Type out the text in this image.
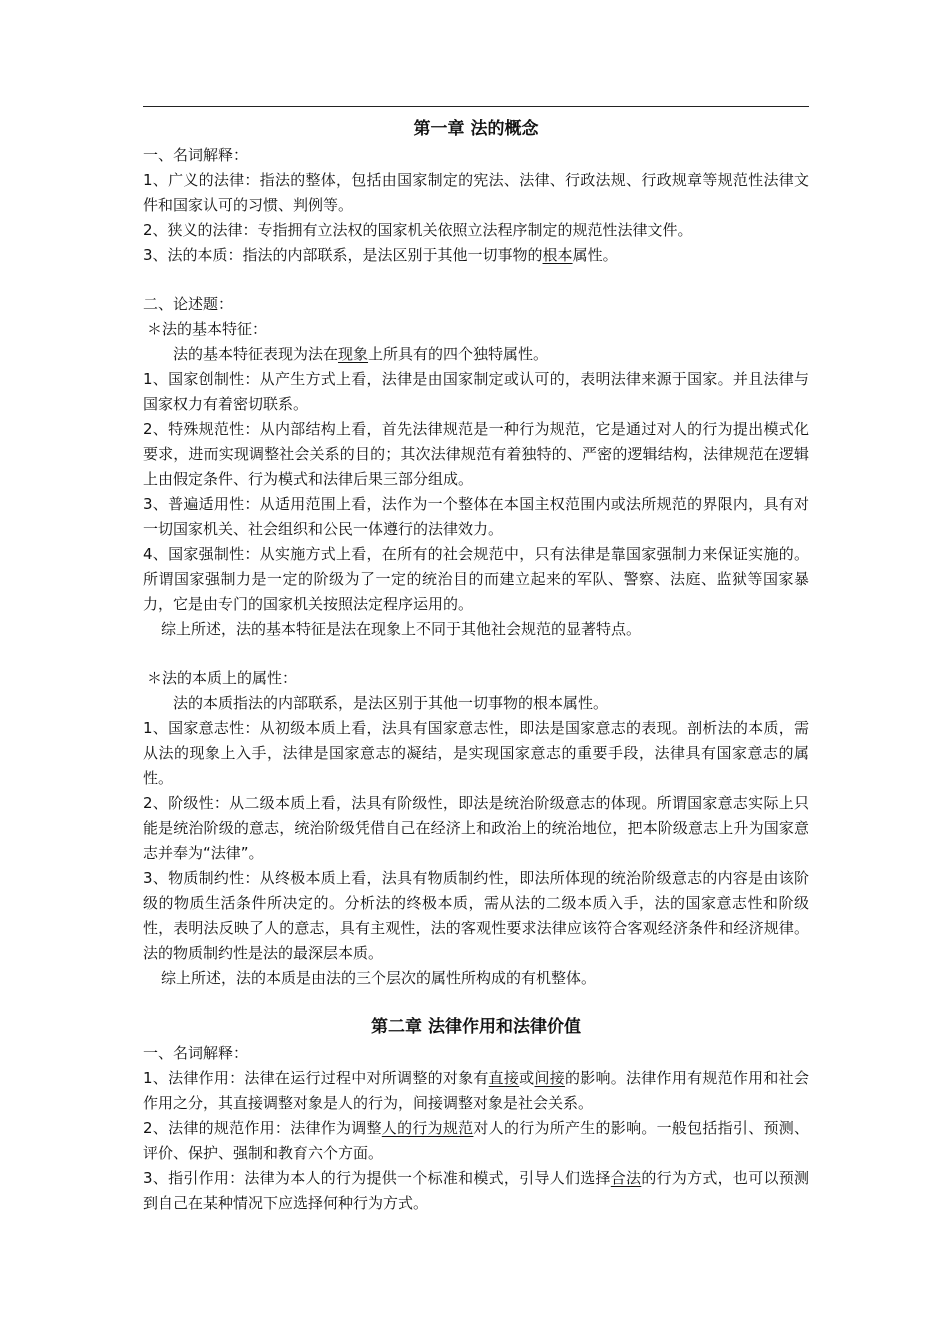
第一章 法的概念

一、名词解释：

1、广义的法律：指法的整体，包括由国家制定的宪法、法律、行政法规、行政规章等规范性法律文件和国家认可的习惯、判例等。

2、狭义的法律：专指拥有立法权的国家机关依照立法程序制定的规范性法律文件。

3、法的本质：指法的内部联系，是法区别于其他一切事物的根本属性。

二、论述题：

＊法的基本特征：

法的基本特征表现为法在现象上所具有的四个独特属性。

1、国家创制性：从产生方式上看，法律是由国家制定或认可的，表明法律来源于国家。并且法律与国家权力有着密切联系。

2、特殊规范性：从内部结构上看，首先法律规范是一种行为规范，它是通过对人的行为提出模式化要求，进而实现调整社会关系的目的；其次法律规范有着独特的、严密的逻辑结构，法律规范在逻辑上由假定条件、行为模式和法律后果三部分组成。

3、普遍适用性：从适用范围上看，法作为一个整体在本国主权范围内或法所规范的界限内，具有对一切国家机关、社会组织和公民一体遵行的法律效力。

4、国家强制性：从实施方式上看，在所有的社会规范中，只有法律是靠国家强制力来保证实施的。所谓国家强制力是一定的阶级为了一定的统治目的而建立起来的军队、警察、法庭、监狱等国家暴力，它是由专门的国家机关按照法定程序运用的。

综上所述，法的基本特征是法在现象上不同于其他社会规范的显著特点。

＊法的本质上的属性：

法的本质指法的内部联系，是法区别于其他一切事物的根本属性。

1、国家意志性：从初级本质上看，法具有国家意志性，即法是国家意志的表现。剖析法的本质，需从法的现象上入手，法律是国家意志的凝结，是实现国家意志的重要手段，法律具有国家意志的属性。

2、阶级性：从二级本质上看，法具有阶级性，即法是统治阶级意志的体现。所谓国家意志实际上只能是统治阶级的意志，统治阶级凭借自己在经济上和政治上的统治地位，把本阶级意志上升为国家意志并奉为“法律”。

3、物质制约性：从终极本质上看，法具有物质制约性，即法所体现的统治阶级意志的内容是由该阶级的物质生活条件所决定的。分析法的终极本质，需从法的二级本质入手，法的国家意志性和阶级性，表明法反映了人的意志，具有主观性，法的客观性要求法律应该符合客观经济条件和经济规律。法的物质制约性是法的最深层本质。

综上所述，法的本质是由法的三个层次的属性所构成的有机整体。

第二章 法律作用和法律价值

一、名词解释：

1、法律作用：法律在运行过程中对所调整的对象有直接或间接的影响。法律作用有规范作用和社会作用之分，其直接调整对象是人的行为，间接调整对象是社会关系。

2、法律的规范作用：法律作为调整人的行为规范对人的行为所产生的影响。一般包括指引、预测、评价、保护、强制和教育六个方面。

3、指引作用：法律为本人的行为提供一个标准和模式，引导人们选择合法的行为方式，也可以预测到自己在某种情况下应选择何种行为方式。
